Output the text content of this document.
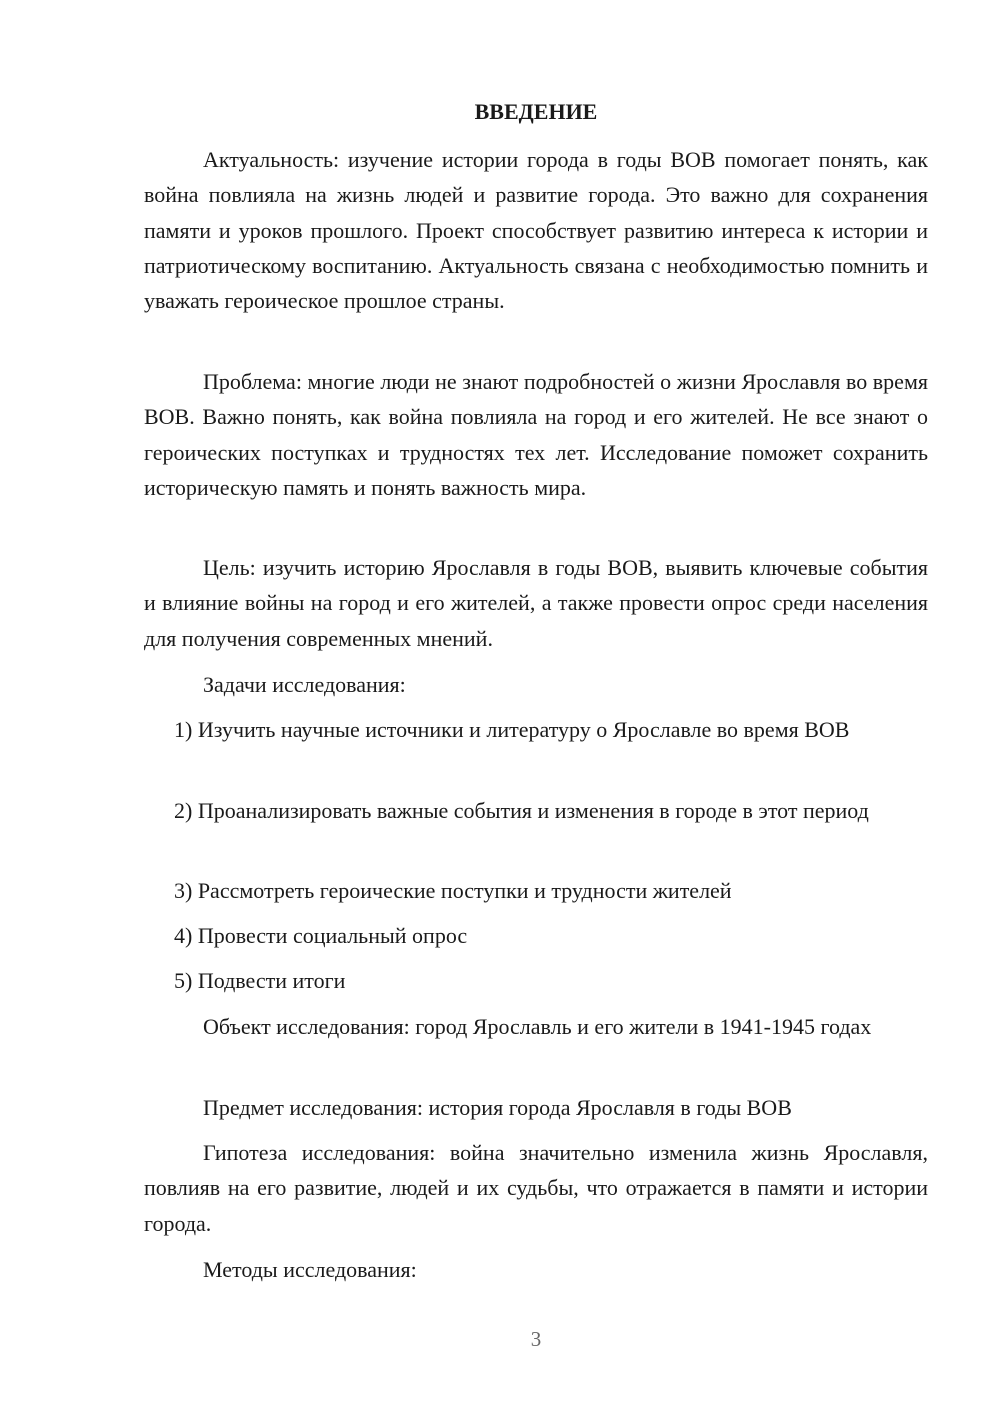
ВВЕДЕНИЕ

Актуальность: изучение истории города в годы ВОВ помогает понять, как война повлияла на жизнь людей и развитие города. Это важно для сохранения памяти и уроков прошлого. Проект способствует развитию интереса к истории и патриотическому воспитанию. Актуальность связана с необходимостью помнить и уважать героическое прошлое страны.

Проблема: многие люди не знают подробностей о жизни Ярославля во время ВОВ. Важно понять, как война повлияла на город и его жителей. Не все знают о героических поступках и трудностях тех лет. Исследование поможет сохранить историческую память и понять важность мира.

Цель: изучить историю Ярославля в годы ВОВ, выявить ключевые события и влияние войны на город и его жителей, а также провести опрос среди населения для получения современных мнений.

Задачи исследования:

1) Изучить научные источники и литературу о Ярославле во время ВОВ

2) Проанализировать важные события и изменения в городе в этот период

3) Рассмотреть героические поступки и трудности жителей

4) Провести социальный опрос

5) Подвести итоги

Объект исследования: город Ярославль и его жители в 1941-1945 годах

Предмет исследования: история города Ярославля в годы ВОВ

Гипотеза исследования: война значительно изменила жизнь Ярославля, повлияв на его развитие, людей и их судьбы, что отражается в памяти и истории города.

Методы исследования:

3
